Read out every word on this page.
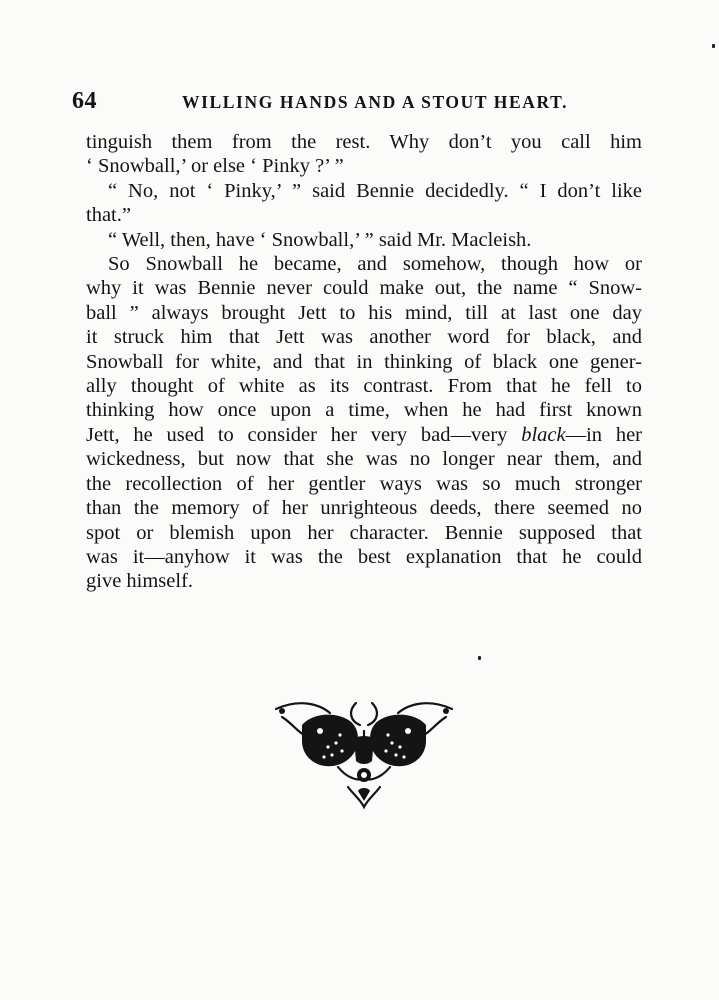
64	WILLING HANDS AND A STOUT HEART.
tinguish them from the rest. Why don’t you call him
‘ Snowball,’ or else ‘ Pinky ?’ ”
“ No, not ‘ Pinky,’ ” said Bennie decidedly. “ I don’t like
that.”
“ Well, then, have ‘ Snowball,’ ” said Mr. Macleish.
So Snowball he became, and somehow, though how or
why it was Bennie never could make out, the name “ Snow-
ball ” always brought Jett to his mind, till at last one day
it struck him that Jett was another word for black, and
Snowball for white, and that in thinking of black one gener-
ally thought of white as its contrast. From that he fell to
thinking how once upon a time, when he had first known
Jett, he used to consider her very bad—very black—in her
wickedness, but now that she was no longer near them, and
the recollection of her gentler ways was so much stronger
than the memory of her unrighteous deeds, there seemed no
spot or blemish upon her character. Bennie supposed that
was it—anyhow it was the best explanation that he could
give himself.
